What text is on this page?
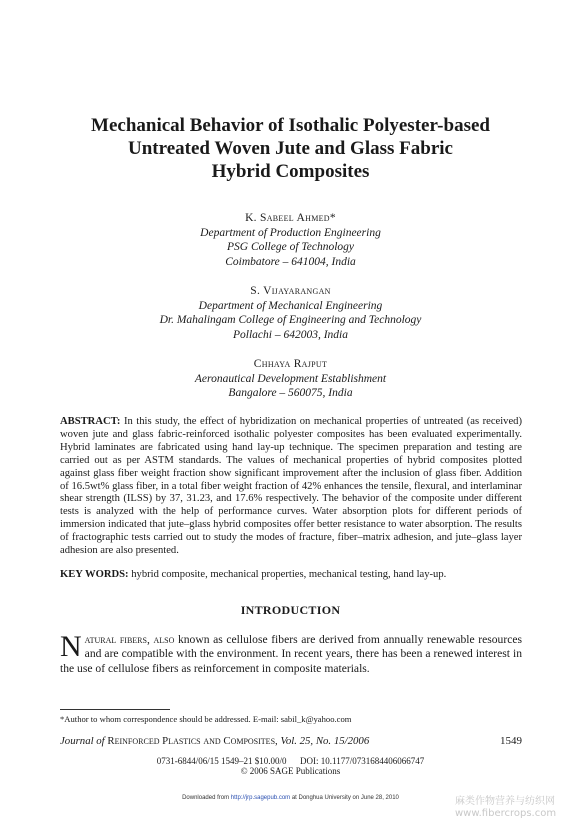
Mechanical Behavior of Isothalic Polyester-based
Untreated Woven Jute and Glass Fabric
Hybrid Composites
K. Sabeel Ahmed*
Department of Production Engineering
PSG College of Technology
Coimbatore – 641004, India
S. Vijayarangan
Department of Mechanical Engineering
Dr. Mahalingam College of Engineering and Technology
Pollachi – 642003, India
Chhaya Rajput
Aeronautical Development Establishment
Bangalore – 560075, India
ABSTRACT: In this study, the effect of hybridization on mechanical properties of untreated (as received) woven jute and glass fabric-reinforced isothalic polyester composites has been evaluated experimentally. Hybrid laminates are fabricated using hand lay-up technique. The specimen preparation and testing are carried out as per ASTM standards. The values of mechanical properties of hybrid composites plotted against glass fiber weight fraction show significant improvement after the inclusion of glass fiber. Addition of 16.5wt% glass fiber, in a total fiber weight fraction of 42% enhances the tensile, flexural, and interlaminar shear strength (ILSS) by 37, 31.23, and 17.6% respectively. The behavior of the composite under different tests is analyzed with the help of performance curves. Water absorption plots for different periods of immersion indicated that jute–glass hybrid composites offer better resistance to water absorption. The results of fractographic tests carried out to study the modes of fracture, fiber–matrix adhesion, and jute–glass layer adhesion are also presented.
KEY WORDS: hybrid composite, mechanical properties, mechanical testing, hand lay-up.
INTRODUCTION
Natural fibers, also known as cellulose fibers are derived from annually renewable resources and are compatible with the environment. In recent years, there has been a renewed interest in the use of cellulose fibers as reinforcement in composite materials.
*Author to whom correspondence should be addressed. E-mail: sabil_k@yahoo.com
Journal of Reinforced Plastics and Composites, Vol. 25, No. 15/2006	1549
0731-6844/06/15 1549–21 $10.00/0      DOI: 10.1177/0731684406066747
© 2006 SAGE Publications
Downloaded from http://jrp.sagepub.com at Donghua University on June 28, 2010	麻类作物营养与纺织网
www.fibercrops.com
